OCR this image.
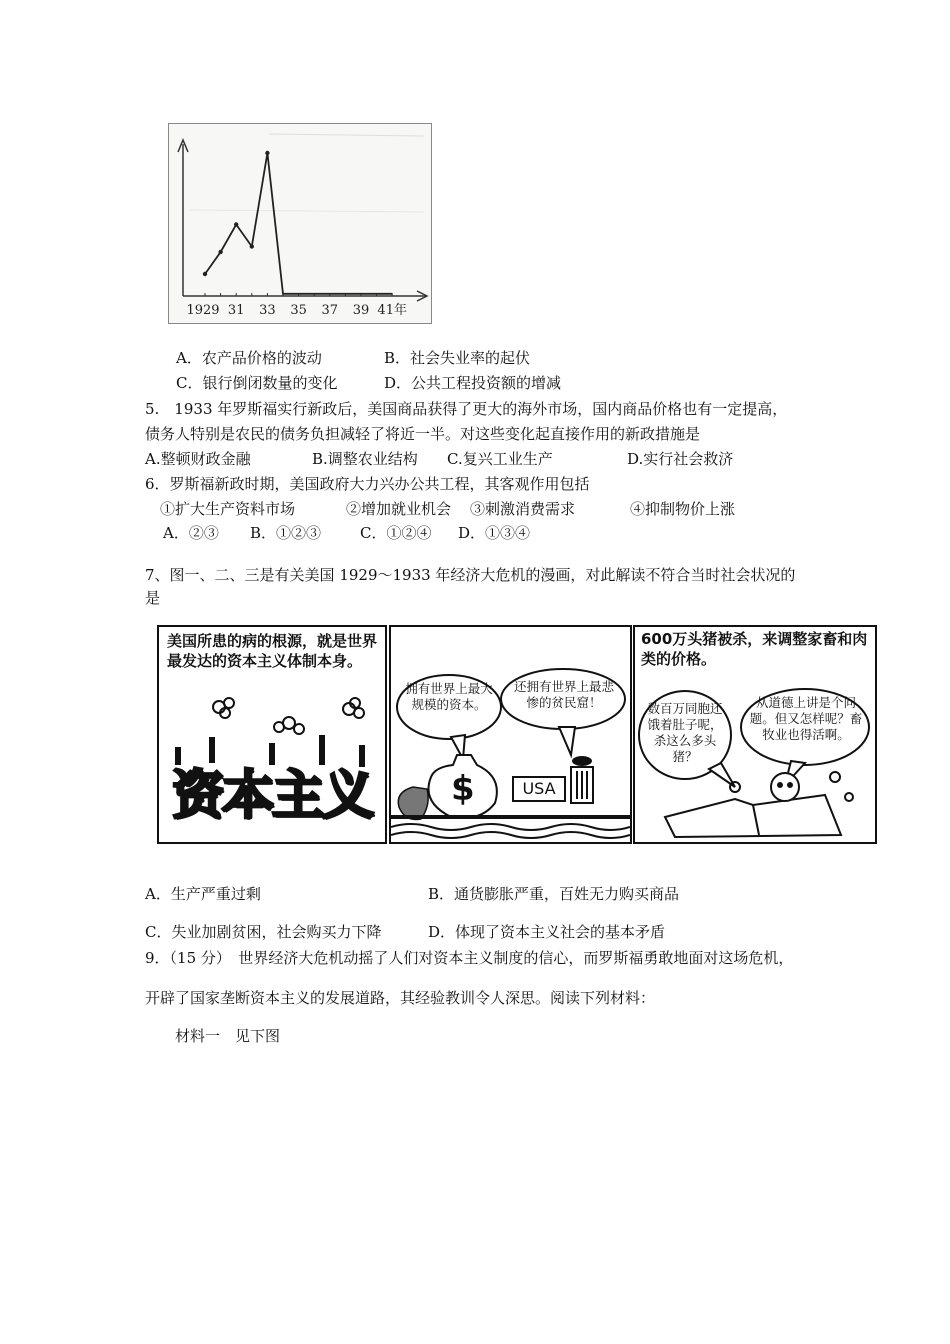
1929 31 33 35 37 39 41年
A．农产品价格的波动	B．社会失业率的起伏
C．银行倒闭数量的变化	D．公共工程投资额的增减
5.　1933 年罗斯福实行新政后，美国商品获得了更大的海外市场，国内商品价格也有一定提高，
债务人特别是农民的债务负担减轻了将近一半。对这些变化起直接作用的新政措施是
A.整顿财政金融	B.调整农业结构 C.复兴工业生产	D.实行社会救济
6．罗斯福新政时期，美国政府大力兴办公共工程，其客观作用包括
①扩大生产资料市场	②增加就业机会 ③刺激消费需求	④抑制物价上涨
A．②③ B．①②③	C．①②④ D．①③④
7、图一、二、三是有关美国 1929～1933 年经济大危机的漫画，对此解读不符合当时社会状况的
是
美国所患的病的根源，就是世界最发达的资本主义体制本身。
资本主义
拥有世界上最大规模的资本。
还拥有世界上最悲惨的贫民窟！
$	USA
600万头猪被杀，来调整家畜和肉类的价格。
数百万同胞还饿着肚子呢，杀这么多头猪？
从道德上讲是个问题。但又怎样呢？畜牧业也得活啊。
A．生产严重过剩	B．通货膨胀严重，百姓无力购买商品
C．失业加剧贫困，社会购买力下降	D．体现了资本主义社会的基本矛盾
9．（15 分）　世界经济大危机动摇了人们对资本主义制度的信心，而罗斯福勇敢地面对这场危机，
开辟了国家垄断资本主义的发展道路，其经验教训令人深思。阅读下列材料：
材料一　见下图
